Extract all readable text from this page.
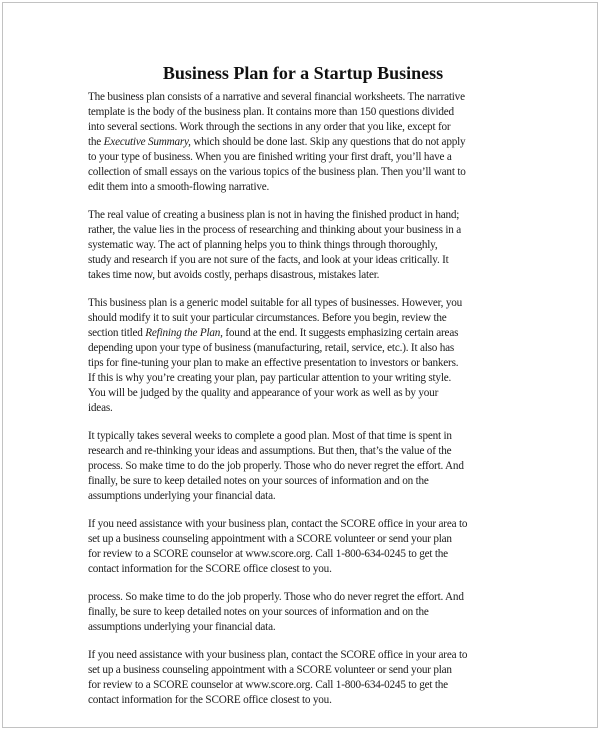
Business Plan for a Startup Business

The business plan consists of a narrative and several financial worksheets. The narrative
template is the body of the business plan. It contains more than 150 questions divided
into several sections. Work through the sections in any order that you like, except for
the Executive Summary, which should be done last. Skip any questions that do not apply
to your type of business. When you are finished writing your first draft, you’ll have a
collection of small essays on the various topics of the business plan. Then you’ll want to
edit them into a smooth-flowing narrative.

The real value of creating a business plan is not in having the finished product in hand;
rather, the value lies in the process of researching and thinking about your business in a
systematic way. The act of planning helps you to think things through thoroughly,
study and research if you are not sure of the facts, and look at your ideas critically. It
takes time now, but avoids costly, perhaps disastrous, mistakes later.

This business plan is a generic model suitable for all types of businesses. However, you
should modify it to suit your particular circumstances. Before you begin, review the
section titled Refining the Plan, found at the end. It suggests emphasizing certain areas
depending upon your type of business (manufacturing, retail, service, etc.). It also has
tips for fine-tuning your plan to make an effective presentation to investors or bankers.
If this is why you’re creating your plan, pay particular attention to your writing style.
You will be judged by the quality and appearance of your work as well as by your
ideas.

It typically takes several weeks to complete a good plan. Most of that time is spent in
research and re-thinking your ideas and assumptions. But then, that’s the value of the
process. So make time to do the job properly. Those who do never regret the effort. And
finally, be sure to keep detailed notes on your sources of information and on the
assumptions underlying your financial data.

If you need assistance with your business plan, contact the SCORE office in your area to
set up a business counseling appointment with a SCORE volunteer or send your plan
for review to a SCORE counselor at www.score.org. Call 1-800-634-0245 to get the
contact information for the SCORE office closest to you.

process. So make time to do the job properly. Those who do never regret the effort. And
finally, be sure to keep detailed notes on your sources of information and on the
assumptions underlying your financial data.

If you need assistance with your business plan, contact the SCORE office in your area to
set up a business counseling appointment with a SCORE volunteer or send your plan
for review to a SCORE counselor at www.score.org. Call 1-800-634-0245 to get the
contact information for the SCORE office closest to you.
